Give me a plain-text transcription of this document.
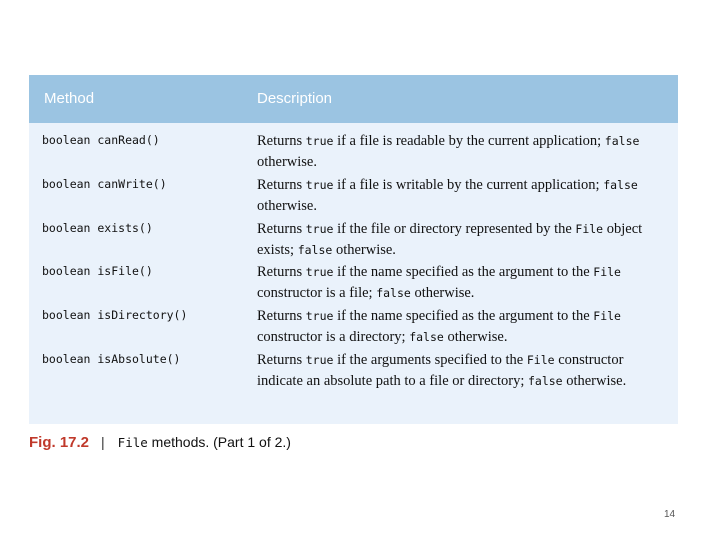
Method	Description
boolean canRead()	Returns true if a file is readable by the current application; false otherwise.
boolean canWrite()	Returns true if a file is writable by the current application; false otherwise.
boolean exists()	Returns true if the file or directory represented by the File object exists; false otherwise.
boolean isFile()	Returns true if the name specified as the argument to the File constructor is a file; false otherwise.
boolean isDirectory()	Returns true if the name specified as the argument to the File constructor is a directory; false otherwise.
boolean isAbsolute()	Returns true if the arguments specified to the File constructor indicate an absolute path to a file or directory; false otherwise.
Fig. 17.2 | File methods. (Part 1 of 2.)
14
